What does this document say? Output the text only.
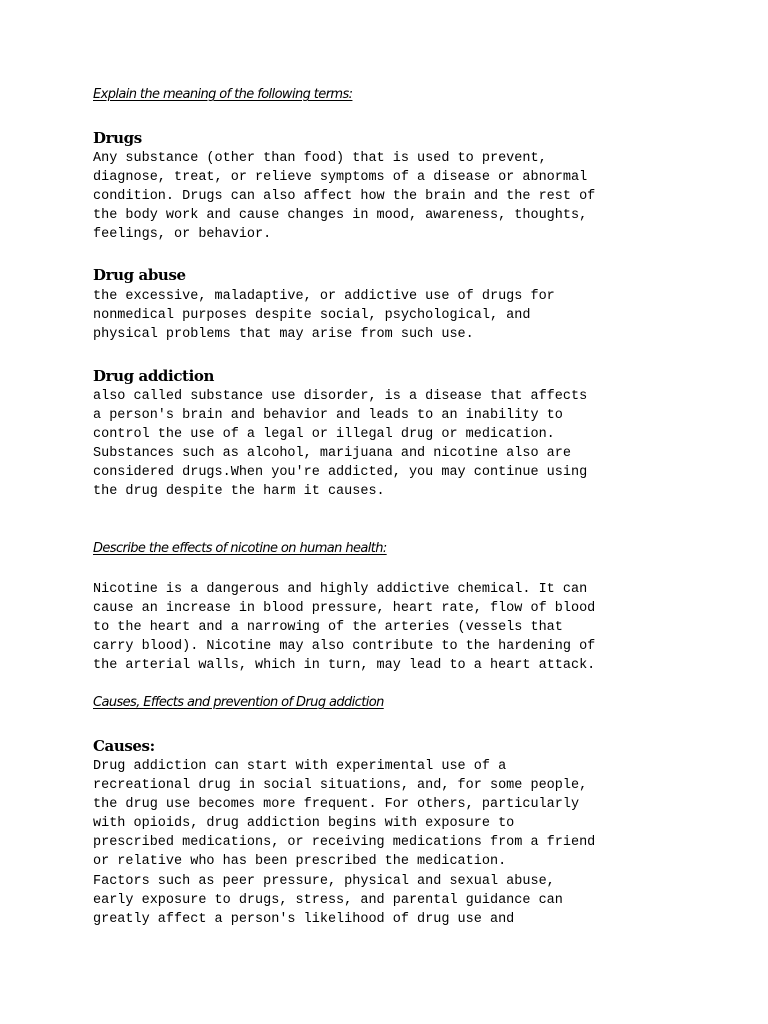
Explain the meaning of the following terms:

Drugs
Any substance (other than food) that is used to prevent,
diagnose, treat, or relieve symptoms of a disease or abnormal
condition. Drugs can also affect how the brain and the rest of
the body work and cause changes in mood, awareness, thoughts,
feelings, or behavior.
Drug abuse
the excessive, maladaptive, or addictive use of drugs for
nonmedical purposes despite social, psychological, and
physical problems that may arise from such use.
Drug addiction
also called substance use disorder, is a disease that affects
a person's brain and behavior and leads to an inability to
control the use of a legal or illegal drug or medication.
Substances such as alcohol, marijuana and nicotine also are
considered drugs.When you're addicted, you may continue using
the drug despite the harm it causes.

Describe the effects of nicotine on human health:

Nicotine is a dangerous and highly addictive chemical. It can
cause an increase in blood pressure, heart rate, flow of blood
to the heart and a narrowing of the arteries (vessels that
carry blood). Nicotine may also contribute to the hardening of
the arterial walls, which in turn, may lead to a heart attack.

Causes, Effects and prevention of Drug addiction

Causes:
Drug addiction can start with experimental use of a
recreational drug in social situations, and, for some people,
the drug use becomes more frequent. For others, particularly
with opioids, drug addiction begins with exposure to
prescribed medications, or receiving medications from a friend
or relative who has been prescribed the medication.
Factors such as peer pressure, physical and sexual abuse,
early exposure to drugs, stress, and parental guidance can
greatly affect a person's likelihood of drug use and
